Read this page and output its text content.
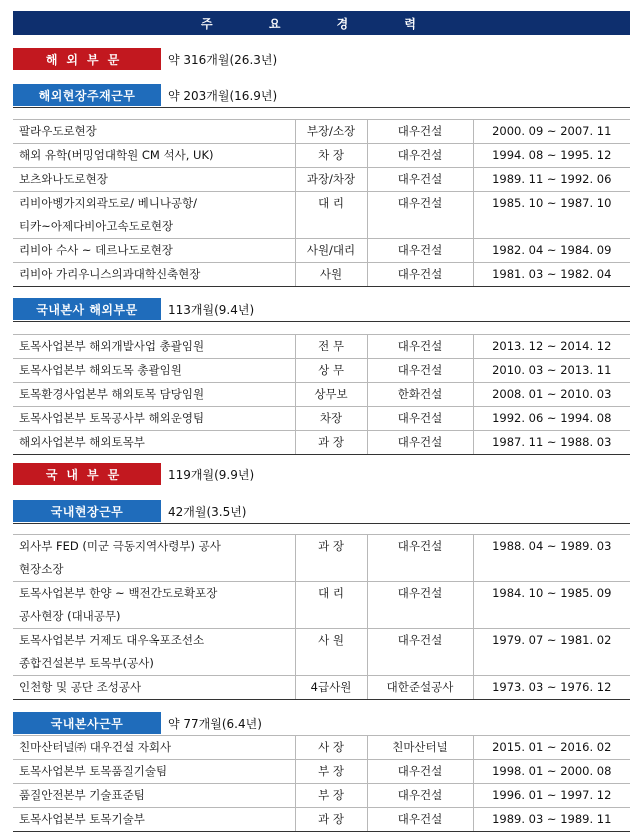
주 요 경 력
해외부문	약 316개월(26.3년)
해외현장주재근무	약 203개월(16.9년)
팔라우도로현장	부장/소장	대우건설	2000. 09 ~ 2007. 11
해외 유학(버밍엄대학원 CM 석사, UK)	차 장	대우건설	1994. 08 ~ 1995. 12
보츠와나도로현장	과장/차장	대우건설	1989. 11 ~ 1992. 06

리비아벵가지외곽도로/ 베니나공항/
티카~아제다비아고속도로현장	대 리	대우건설	1985. 10 ~ 1987. 10
리비아 수사 ~ 데르나도로현장	사원/대리	대우건설	1982. 04 ~ 1984. 09
리비아 가리우니스의과대학신축현장	사원	대우건설	1981. 03 ~ 1982. 04
국내본사 해외부문	113개월(9.4년)
토목사업본부 해외개발사업 총괄임원	전 무	대우건설	2013. 12 ~ 2014. 12
토목사업본부 해외도목 총괄임원	상 무	대우건설	2010. 03 ~ 2013. 11
토목환경사업본부 해외토목 담당임원	상무보	한화건설	2008. 01 ~ 2010. 03
토목사업본부 토목공사부 해외운영팀	차장	대우건설	1992. 06 ~ 1994. 08
해외사업본부 해외토목부	과 장	대우건설	1987. 11 ~ 1988. 03
국내부문	119개월(9.9년)
국내현장근무	42개월(3.5년)
외사부 FED (미군 극동지역사령부) 공사
현장소장	과 장	대우건설	1988. 04 ~ 1989. 03

토목사업본부 한양 ~ 백전간도로확포장
공사현장 (대내공무)	대 리	대우건설	1984. 10 ~ 1985. 09

토목사업본부 거제도 대우옥포조선소
종합건설본부 토목부(공사)	사 원	대우건설	1979. 07 ~ 1981. 02
인천항 및 공단 조성공사	4급사원	대한준설공사	1973. 03 ~ 1976. 12
국내본사근무	약 77개월(6.4년)
친마산터널㈜ 대우건설 자회사	사 장	친마산터널	2015. 01 ~ 2016. 02
토목사업본부 토목품질기술팀	부 장	대우건설	1998. 01 ~ 2000. 08
품질안전본부 기술표준팀	부 장	대우건설	1996. 01 ~ 1997. 12
토목사업본부 토목기술부	과 장	대우건설	1989. 03 ~ 1989. 11
